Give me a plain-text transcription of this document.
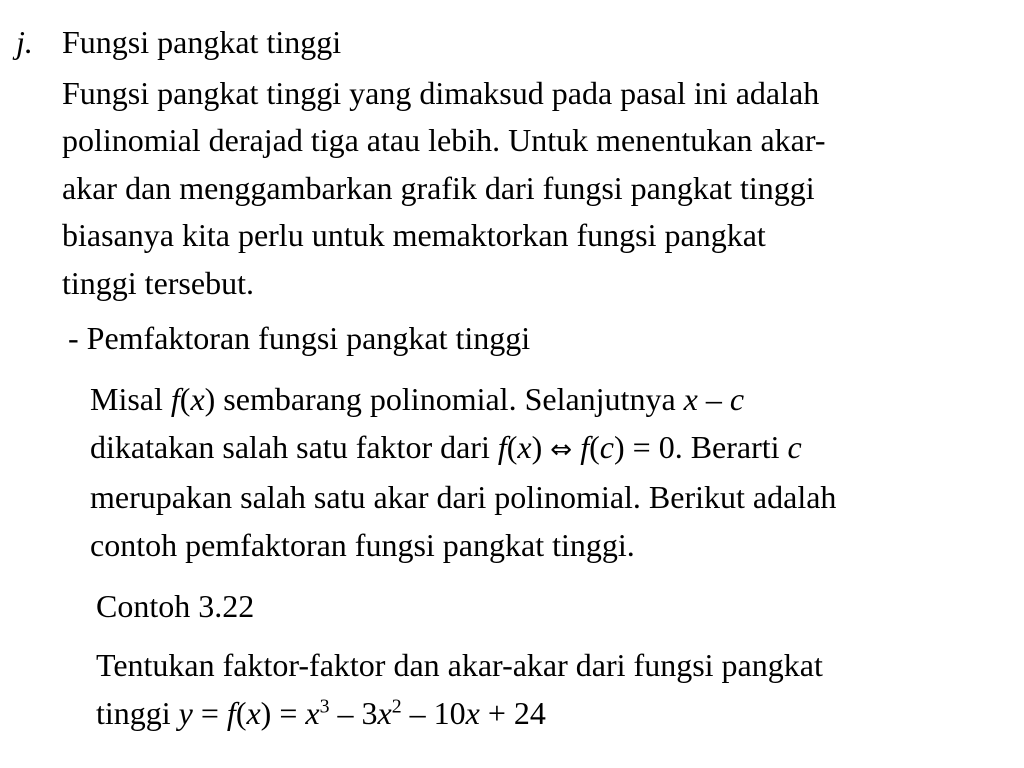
j. Fungsi pangkat tinggi
Fungsi pangkat tinggi yang dimaksud pada pasal ini adalah
polinomial derajad tiga atau lebih. Untuk menentukan akar-
akar dan menggambarkan grafik dari fungsi pangkat tinggi
biasanya kita perlu untuk memaktorkan fungsi pangkat
tinggi tersebut.
- Pemfaktoran fungsi pangkat tinggi
Misal f(x) sembarang polinomial. Selanjutnya x – c
dikatakan salah satu faktor dari f(x) ⇔ f(c) = 0. Berarti c
merupakan salah satu akar dari polinomial. Berikut adalah
contoh pemfaktoran fungsi pangkat tinggi.
Contoh 3.22
Tentukan faktor-faktor dan akar-akar dari fungsi pangkat
tinggi $y = f(x) = x^3 - 3x^2 - 10x + 24$
